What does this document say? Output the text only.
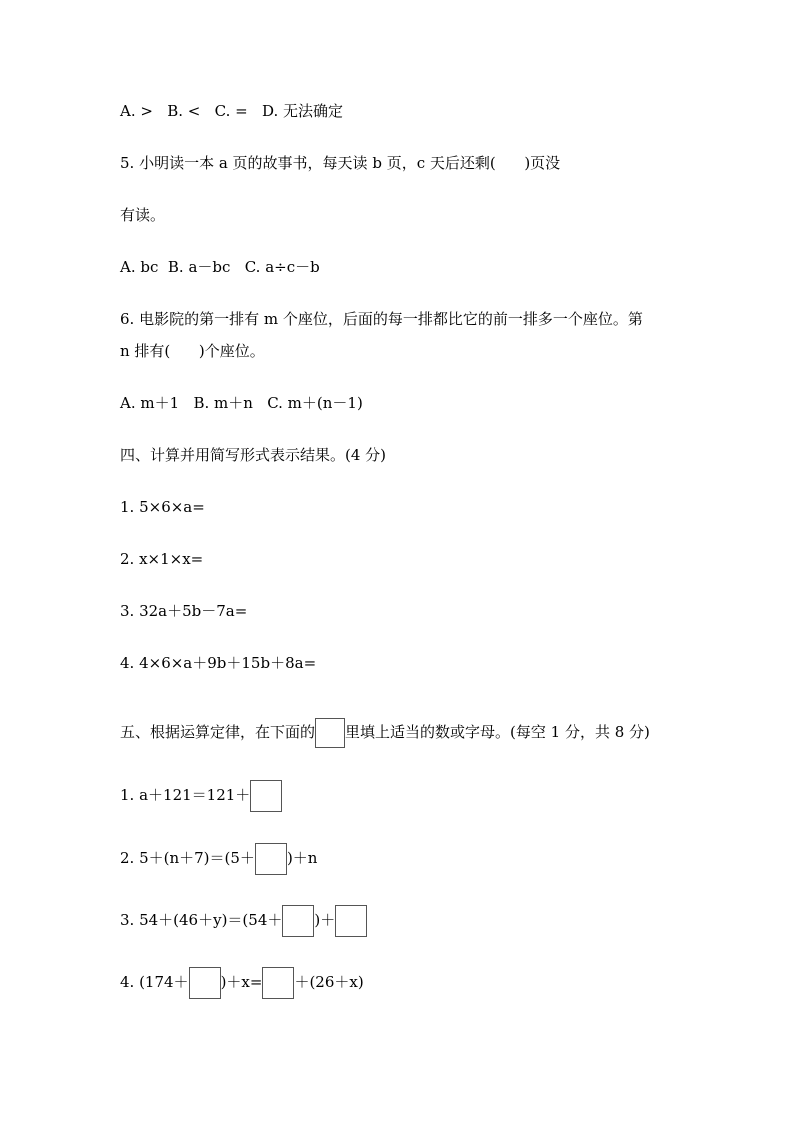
A. >   B. <   C. =   D. 无法确定
5. 小明读一本 a 页的故事书，每天读 b 页，c 天后还剩(      )页没
有读。
A. bc  B. a－bc   C. a÷c－b
6. 电影院的第一排有 m 个座位，后面的每一排都比它的前一排多一个座位。第
n 排有(      )个座位。
A. m＋1   B. m＋n   C. m＋(n－1)
四、计算并用简写形式表示结果。(4 分)
1. 5×6×a=
2. x×1×x=
3. 32a＋5b－7a=
4. 4×6×a＋9b＋15b＋8a=
五、根据运算定律，在下面的 里填上适当的数或字母。(每空 1 分，共 8 分)
1. a＋121＝121＋
2. 5＋(n＋7)＝(5＋ )＋n
3. 54＋(46＋y)＝(54＋ )＋
4. (174＋ )＋x= ＋(26＋x)
